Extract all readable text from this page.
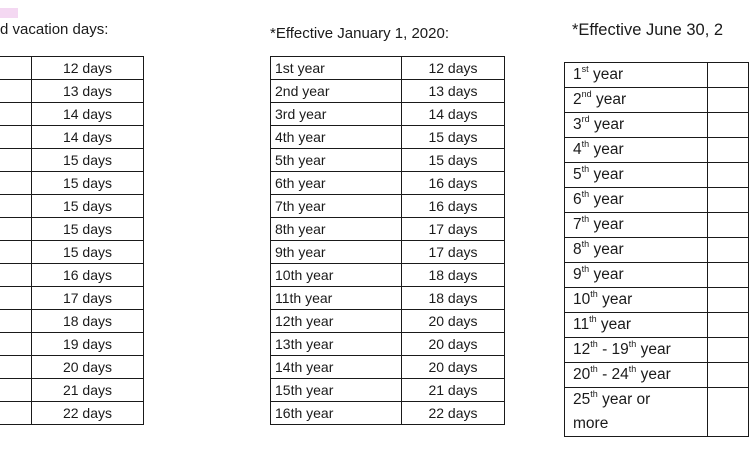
d vacation days:	*Effective January 1, 2020:	*Effective June 30, 2
	12 days
	13 days
	14 days
	14 days
	15 days
	15 days
	15 days
	15 days
	15 days
	16 days
	17 days
	18 days
	19 days
	20 days
	21 days
	22 days
1st year	12 days
2nd year	13 days
3rd year	14 days
4th year	15 days
5th year	15 days
6th year	16 days
7th year	16 days
8th year	17 days
9th year	17 days
10th year	18 days
11th year	18 days
12th year	20 days
13th year	20 days
14th year	20 days
15th year	21 days
16th year	22 days
1st year	
2nd year	
3rd year	
4th year	
5th year	
6th year	
7th year	
8th year	
9th year	
10th year	
11th year	
12th - 19th year	
20th - 24th year	
25th year or
more	
